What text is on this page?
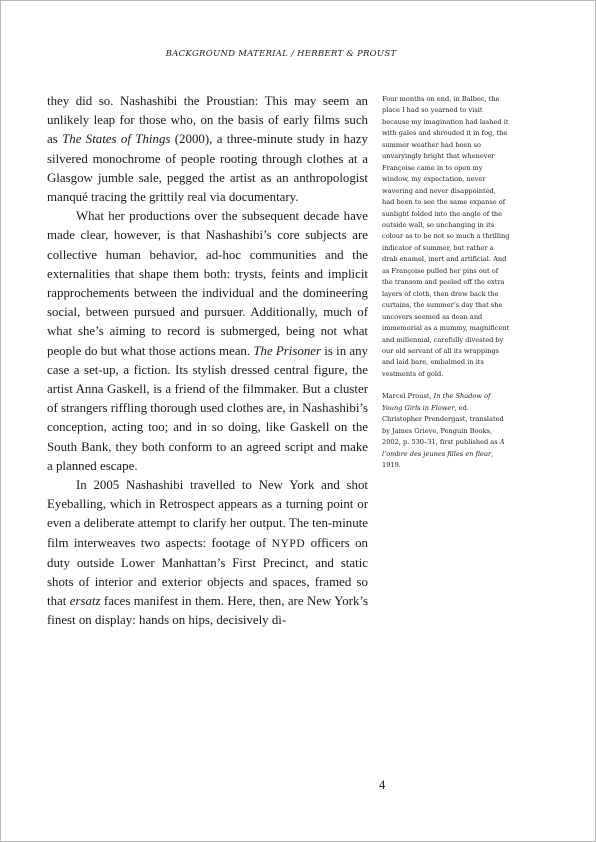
BACKGROUND MATERIAL / HERBERT & PROUST

they did so. Nashashibi the Proustian: This may seem an unlikely leap for those who, on the basis of early films such as The States of Things (2000), a three-minute study in hazy silvered monochrome of people rooting through clothes at a Glasgow jumble sale, pegged the artist as an anthropologist manqué tracing the grittily real via documentary.

What her productions over the subsequent decade have made clear, however, is that Nashashibi’s core subjects are collective human behavior, ad-hoc communities and the externalities that shape them both: trysts, feints and implicit rapprochements between the individual and the domineering social, between pursued and pursuer. Additionally, much of what she’s aiming to record is submerged, being not what people do but what those actions mean. The Prisoner is in any case a set-up, a fiction. Its stylish dressed central figure, the artist Anna Gaskell, is a friend of the filmmaker. But a cluster of strangers riffling thorough used clothes are, in Nashashibi’s conception, acting too; and in so doing, like Gaskell on the South Bank, they both conform to an agreed script and make a planned escape.

In 2005 Nashashibi travelled to New York and shot Eyeballing, which in Retrospect appears as a turning point or even a deliberate attempt to clarify her output. The ten-minute film interweaves two aspects: footage of NYPD officers on duty outside Lower Manhattan’s First Precinct, and static shots of interior and exterior objects and spaces, framed so that ersatz faces manifest in them. Here, then, are New York’s finest on display: hands on hips, decisively di-

Four months on end, in Balbec, the place I had so yearned to visit because my imagination had lashed it with gales and shrouded it in fog, the summer weather had been so unvaryingly bright that whenever Françoise came in to open my window, my expectation, never wavering and never disappointed, had been to see the same expanse of sunlight folded into the angle of the outside wall, so unchanging in its colour as to be not so much a thrilling indicator of summer, but rather a drab enamel, inert and artificial. And as Françoise pulled her pins out of the transom and peeled off the extra layers of cloth, then drew back the curtains, the summer’s day that she uncovers seemed as dean and immemorial as a mummy, magnificent and millennial, carefully divested by our old servant of all its wrappings and laid bare, embalmed in its vestments of gold.

Marcel Proust, In the Shadow of Young Girls in Flower, ed. Christopher Prendergast, translated by James Grieve, Penguin Books, 2002, p. 530–31, first published as A l’ombre des jeunes filles en fleur, 1919.

4
